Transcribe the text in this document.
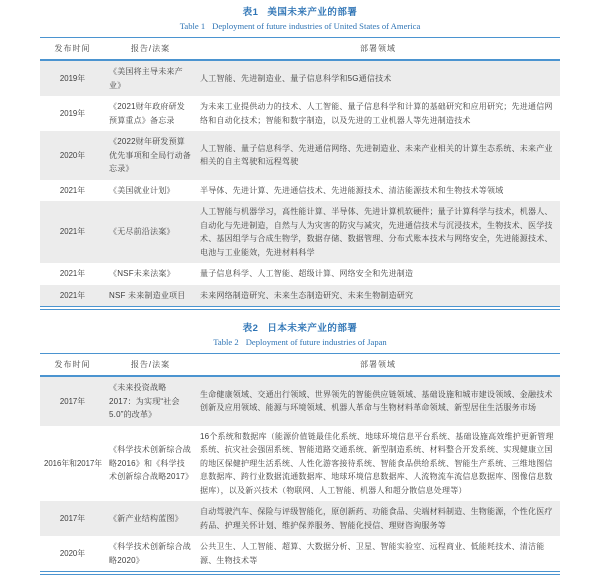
表1 美国未来产业的部署
Table 1 Deployment of future industries of United States of America
发布时间	报告/法案	部署领域
2019年	《美国将主导未来产业》	人工智能、先进制造业、量子信息科学和5G通信技术
2019年	《2021财年政府研发预算重点》备忘录	为未来工业提供动力的技术、人工智能、量子信息科学和计算的基础研究和应用研究；先进通信网络和自动化技术；智能和数字制造，以及先进的工业机器人等先进制造技术
2020年	《2022财年研发预算优先事项和全局行动备忘录》	人工智能、量子信息科学、先进通信网络、先进制造业、未来产业相关的计算生态系统、未来产业相关的自主驾驶和远程驾驶
2021年	《美国就业计划》	半导体、先进计算、先进通信技术、先进能源技术、清洁能源技术和生物技术等领域
2021年	《无尽前沿法案》	人工智能与机器学习，高性能计算、半导体、先进计算机软硬件；量子计算科学与技术，机器人、自动化与先进制造，自然与人为灾害的防灾与减灾，先进通信技术与沉浸技术，生物技术、医学技术、基因组学与合成生物学，数据存储、数据管理、分布式账本技术与网络安全，先进能源技术、电池与工业能效，先进材料科学
2021年	《NSF未来法案》	量子信息科学、人工智能、超级计算、网络安全和先进制造
2021年	NSF 未来制造业项目	未来网络制造研究、未来生态制造研究、未来生物制造研究
表2 日本未来产业的部署
Table 2 Deployment of future industries of Japan
发布时间	报告/法案	部署领域
2017年	《未来投资战略2017：为实现“社会5.0”的改革》	生命健康领域、交通出行领域、世界领先的智能供应链领域、基础设施和城市建设领域、金融技术创新及应用领域、能源与环境领域、机器人革命与生物材料革命领域、新型居住生活服务市场
2016年和2017年	《科学技术创新综合战略2016》和《科学技术创新综合战略2017》	16个系统和数据库（能源价值链最佳化系统、地球环境信息平台系统、基础设施高效维护更新管理系统、抗灾社会强固系统、智能道路交通系统、新型制造系统、材料整合开发系统、实现健康立国的地区保健护理生活系统、人性化游客接待系统、智能食品供给系统、智能生产系统、三维地图信息数据库、跨行业数据流通数据库、地球环境信息数据库、人流物流车流信息数据库、图像信息数据库），以及新兴技术（物联网、人工智能、机器人和超分散信息处理等）
2017年	《新产业结构蓝图》	自动驾驶汽车、保险与评级智能化，原创新药、功能食品、尖端材料制造、生物能源，个性化医疗药品、护理关怀计划、维护保养服务、智能化授信、理财咨询服务等
2020年	《科学技术创新综合战略2020》	公共卫生、人工智能、超算、大数据分析、卫星、智能实验室、远程商业、低能耗技术、清洁能源、生物技术等
